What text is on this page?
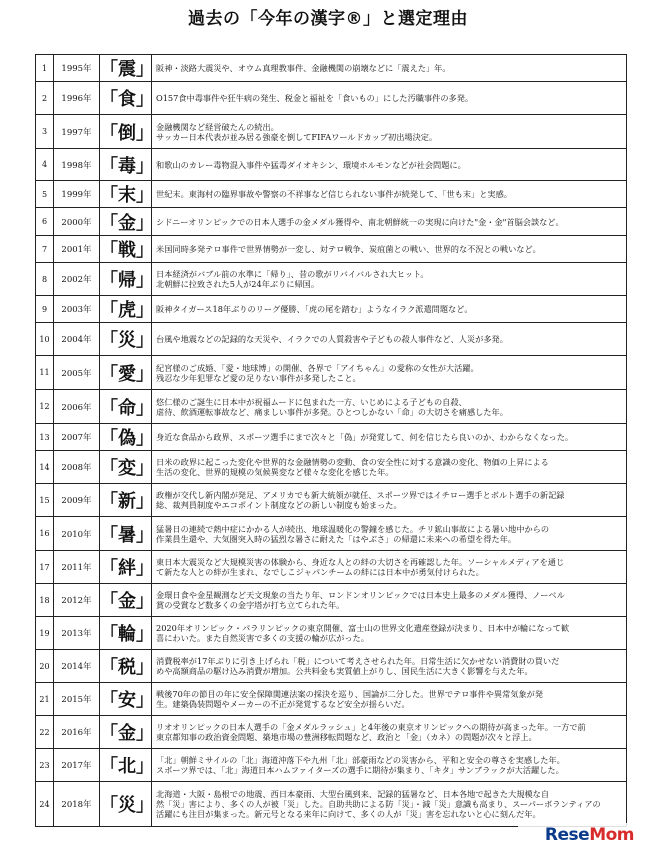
過去の「今年の漢字®」と選定理由
1	1995年	「震」	阪神・淡路大震災や、オウム真理教事件、金融機関の崩壊などに「震えた」年。

2	1996年	「食」	O157食中毒事件や狂牛病の発生、税金と福祉を「食いもの」にした汚職事件の多発。

3	1997年	「倒」	金融機関など経営破たんの続出。
サッカー日本代表が並み居る強豪を倒してFIFAワールドカップ初出場決定。

4	1998年	「毒」	和歌山のカレー毒物混入事件や猛毒ダイオキシン、環境ホルモンなどが社会問題に。

5	1999年	「末」	世紀末。東海村の臨界事故や警察の不祥事など信じられない事件が続発して、「世も末」と実感。

6	2000年	「金」	シドニーオリンピックでの日本人選手の金メダル獲得や、南北朝鮮統一の実現に向けた"金・金"首脳会談など。

7	2001年	「戦」	米国同時多発テロ事件で世界情勢が一変し、対テロ戦争、炭疽菌との戦い、世界的な不況との戦いなど。

8	2002年	「帰」	日本経済がバブル前の水準に「帰り」、昔の歌がリバイバルされ大ヒット。
北朝鮮に拉致された5人が24年ぶりに帰国。

9	2003年	「虎」	阪神タイガース18年ぶりのリーグ優勝、「虎の尾を踏む」ようなイラク派遣問題など。

10	2004年	「災」	台風や地震などの記録的な天災や、イラクでの人質殺害や子どもの殺人事件など、人災が多発。

11	2005年	「愛」	紀宮様のご成婚、「愛・地球博」の開催、各界で「アイちゃん」の愛称の女性が大活躍。
残忍な少年犯罪など愛の足りない事件が多発したこと。

12	2006年	「命」	悠仁様のご誕生に日本中が祝福ムードに包まれた一方、いじめによる子どもの自殺、
虐待、飲酒運転事故など、痛ましい事件が多発。ひとつしかない「命」の大切さを痛感した年。

13	2007年	「偽」	身近な食品から政界、スポーツ選手にまで次々と「偽」が発覚して、何を信じたら良いのか、わからなくなった。

14	2008年	「変」	日米の政界に起こった変化や世界的な金融情勢の変動、食の安全性に対する意識の変化、物価の上昇による
生活の変化、世界的規模の気候異変など様々な変化を感じた年。

15	2009年	「新」	政権が交代し新内閣が発足、アメリカでも新大統領が就任、スポーツ界ではイチロー選手とボルト選手の新記録
総、裁判員制度やエコポイント制度などの新しい制度も始まった。

16	2010年	「暑」	猛暑日の連続で熱中症にかかる人が続出、地球温暖化の警鐘を感じた。チリ鉱山事故による暑い地中からの
作業員生還や、大気圏突入時の猛烈な暑さに耐えた「はやぶさ」の帰還に未来への希望を得た年。

17	2011年	「絆」	東日本大震災など大規模災害の体験から、身近な人との絆の大切さを再確認した年。ソーシャルメディアを通じ
て新たな人との絆が生まれ、なでしこジャパンチームの絆には日本中が勇気付けられた。

18	2012年	「金」	金環日食や金星観測など天文現象の当たり年、ロンドンオリンピックでは日本史上最多のメダル獲得、ノーベル
賞の受賞など数多くの金字塔が打ち立てられた年。

19	2013年	「輪」	2020年オリンピック・パラリンピックの東京開催、富士山の世界文化遺産登録が決まり、日本中が輪になって歓
喜にわいた。また自然災害で多くの支援の輪が広がった。

20	2014年	「税」	消費税率が17年ぶりに引き上げられ「税」について考えさせられた年。日常生活に欠かせない消費財の買いだ
めや高額商品の駆け込み消費が増加。公共料金も実質値上がりし、国民生活に大きく影響を与えた年。

21	2015年	「安」	戦後70年の節目の年に安全保障関連法案の採決を巡り、国論が二分した。世界でテロ事件や異常気象が発
生。建築偽装問題やメーカーの不正が発覚するなど安全が揺らいだ。

22	2016年	「金」	リオオリンピックの日本人選手の「金メダルラッシュ」と4年後の東京オリンピックへの期待が高まった年。一方で前
東京都知事の政治資金問題、築地市場の豊洲移転問題など、政治と「金」（カネ）の問題が次々と浮上。

23	2017年	「北」	「北」朝鮮ミサイルの「北」海道沖落下や九州「北」部豪雨などの災害から、平和と安全の尊さを実感した年。
スポーツ界では、「北」海道日本ハムファイターズの選手に期待が集まり、「キタ」サンブラックが大活躍した。

24	2018年	「災」	北海道・大阪・島根での地震、西日本豪雨、大型台風到来、記録的猛暑など、日本各地で起きた大規模な自
然「災」害により、多くの人が被「災」した。自助共助による防「災」・減「災」意識も高まり、スーパーボランティアの
活躍にも注目が集まった。新元号となる来年に向けて、多くの人が「災」害を忘れないと心に刻んだ年。
ReseMom
